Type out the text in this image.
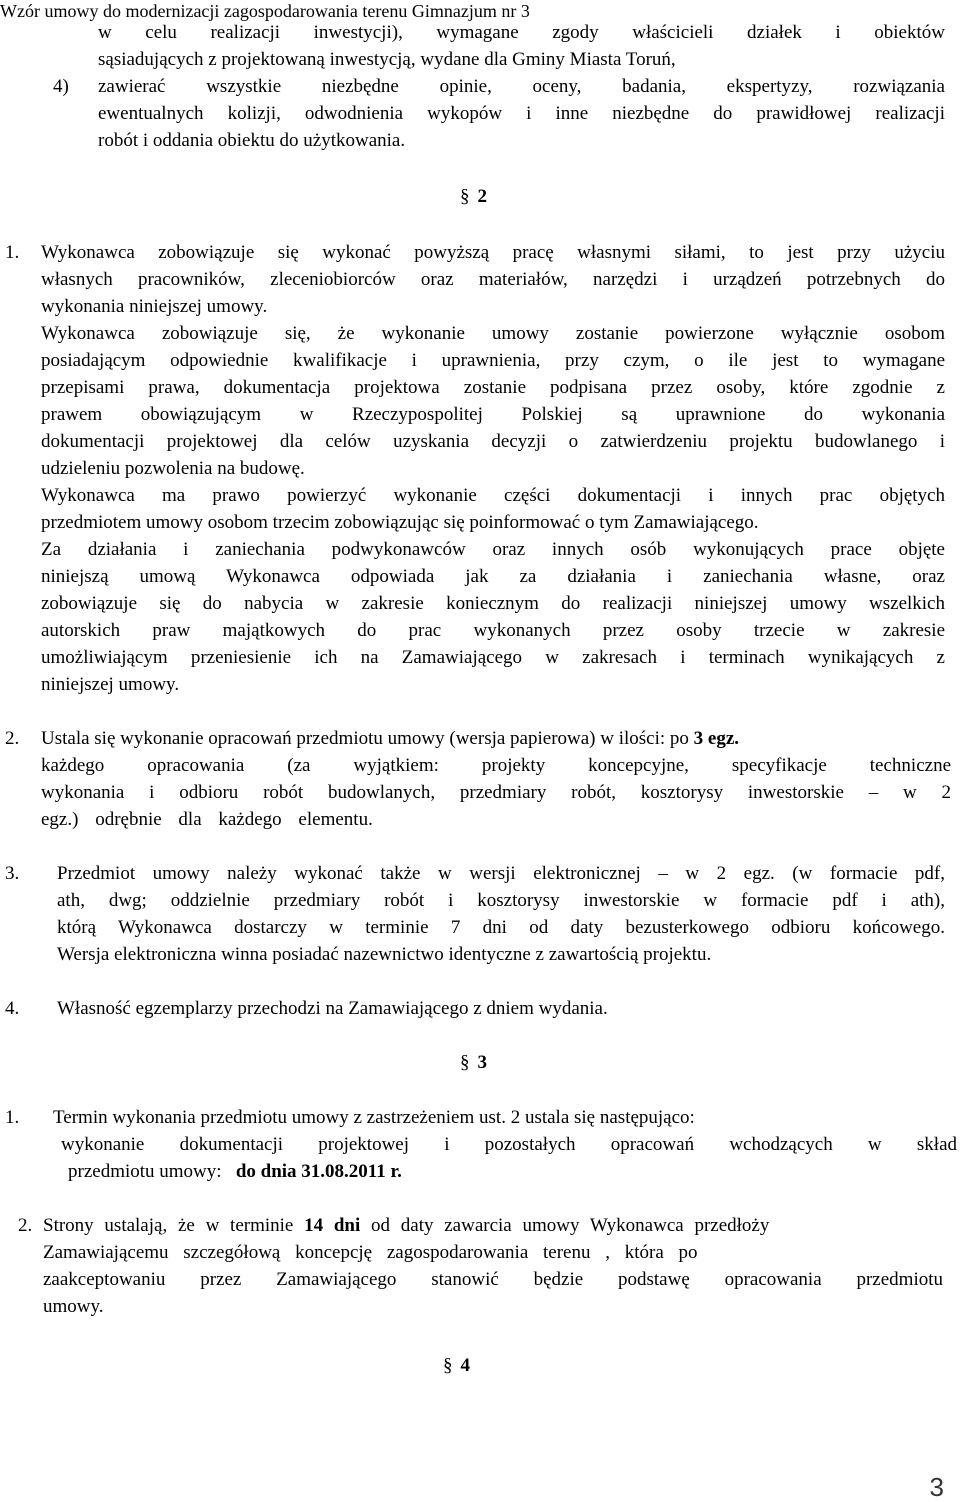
Wzór umowy do modernizacji zagospodarowania terenu Gimnazjum nr 3
w celu realizacji inwestycji), wymagane zgody właścicieli działek i obiektów
sąsiadujących z projektowaną inwestycją, wydane dla Gminy Miasta Toruń,
4) zawierać wszystkie niezbędne opinie, oceny, badania, ekspertyzy, rozwiązania
ewentualnych kolizji, odwodnienia wykopów i inne niezbędne do prawidłowej realizacji
robót i oddania obiektu do użytkowania.
§ 2
1. Wykonawca zobowiązuje się wykonać powyższą pracę własnymi siłami, to jest przy użyciu
własnych pracowników, zleceniobiorców oraz materiałów, narzędzi i urządzeń potrzebnych do
wykonania niniejszej umowy.
Wykonawca zobowiązuje się, że wykonanie umowy zostanie powierzone wyłącznie osobom
posiadającym odpowiednie kwalifikacje i uprawnienia, przy czym, o ile jest to wymagane
przepisami prawa, dokumentacja projektowa zostanie podpisana przez osoby, które zgodnie z
prawem obowiązującym w Rzeczypospolitej Polskiej są uprawnione do wykonania
dokumentacji projektowej dla celów uzyskania decyzji o zatwierdzeniu projektu budowlanego i
udzieleniu pozwolenia na budowę.
Wykonawca ma prawo powierzyć wykonanie części dokumentacji i innych prac objętych
przedmiotem umowy osobom trzecim zobowiązując się poinformować o tym Zamawiającego.
Za działania i zaniechania podwykonawców oraz innych osób wykonujących prace objęte
niniejszą umową Wykonawca odpowiada jak za działania i zaniechania własne, oraz
zobowiązuje się do nabycia w zakresie koniecznym do realizacji niniejszej umowy wszelkich
autorskich praw majątkowych do prac wykonanych przez osoby trzecie w zakresie
umożliwiającym przeniesienie ich na Zamawiającego w zakresach i terminach wynikających z
niniejszej umowy.
2. Ustala się wykonanie opracowań przedmiotu umowy (wersja papierowa) w ilości: po 3 egz.
każdego opracowania (za wyjątkiem: projekty koncepcyjne, specyfikacje techniczne
wykonania i odbioru robót budowlanych, przedmiary robót, kosztorysy inwestorskie – w 2
egz.) odrębnie dla każdego elementu.
3. Przedmiot umowy należy wykonać także w wersji elektronicznej – w 2 egz. (w formacie pdf,
ath, dwg; oddzielnie przedmiary robót i kosztorysy inwestorskie w formacie pdf i ath),
którą Wykonawca dostarczy w terminie 7 dni od daty bezusterkowego odbioru końcowego.
Wersja elektroniczna winna posiadać nazewnictwo identyczne z zawartością projektu.
4. Własność egzemplarzy przechodzi na Zamawiającego z dniem wydania.
§ 3
1. Termin wykonania przedmiotu umowy z zastrzeżeniem ust. 2 ustala się następująco:
wykonanie dokumentacji projektowej i pozostałych opracowań wchodzących w skład
przedmiotu umowy: do dnia 31.08.2011 r.
2. Strony ustalają, że w terminie 14 dni od daty zawarcia umowy Wykonawca przedłoży
Zamawiającemu szczegółową koncepcję zagospodarowania terenu , która po
zaakceptowaniu przez Zamawiającego stanowić będzie podstawę opracowania przedmiotu
umowy.
§ 4
3
